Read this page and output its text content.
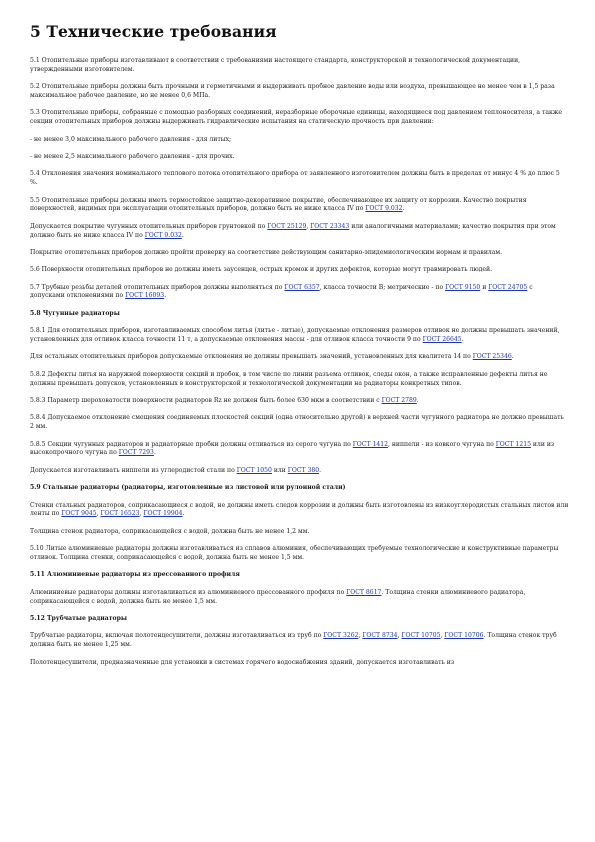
5 Технические требования
5.1 Отопительные приборы изготавливают в соответствии с требованиями настоящего стандарта, конструкторской и технологической документации, утвержденными изготовителем.
5.2 Отопительные приборы должны быть прочными и герметичными и выдерживать пробное давление воды или воздуха, превышающее не менее чем в 1,5 раза максимальное рабочее давление, но не менее 0,6 МПа.
5.3 Отопительные приборы, собранные с помощью разборных соединений, неразборные оборочные единицы, находящиеся под давлением теплоносителя, а также секции отопительных приборов должны выдерживать гидравлические испытания на статическую прочность при давлении:
- не менее 3,0 максимального рабочего давления - для литых;
- не менее 2,5 максимального рабочего давления - для прочих.
5.4 Отклонения значения номинального теплового потока отопительного прибора от заявленного изготовителем должны быть в пределах от минус 4 % до плюс 5 %.
5.5 Отопительные приборы должны иметь термостойкое защитно-декоративное покрытие, обеспечивающее их защиту от коррозии. Качество покрытия поверхностей, видимых при эксплуатации отопительных приборов, должно быть не ниже класса IV по ГОСТ 9.032.
Допускается покрытие чугунных отопительных приборов грунтовкой по ГОСТ 25129, ГОСТ 23343 или аналогичными материалами; качество покрытия при этом должно быть не ниже класса IV по ГОСТ 9.032.
Покрытие отопительных приборов должно пройти проверку на соответствие действующим санитарно-эпидемиологическим нормам и правилам.
5.6 Поверхности отопительных приборов не должны иметь заусенцев, острых кромок и других дефектов, которые могут травмировать людей.
5.7 Трубные резьбы деталей отопительных приборов должны выполняться по ГОСТ 6357, класса точности В; метрические - по ГОСТ 9150 и ГОСТ 24705 с допусками отклонениями по ГОСТ 16093.
5.8 Чугунные радиаторы
5.8.1 Для отопительных приборов, изготавливаемых способом литья (литье - литые), допускаемые отклонения размеров отливок не должны превышать значений, установленных для отливок класса точности 11 т, а допускаемые отклонения массы - для отливок класса точности 9 по ГОСТ 26645.
Для остальных отопительных приборов допускаемые отклонения не должны превышать значений, установленных для квалитета 14 по ГОСТ 25346.
5.8.2 Дефекты литья на наружной поверхности секций и пробок, в том числе по линии разъема отливок, следы окон, а также исправленные дефекты литья не должны превышать допусков, установленных в конструкторской и технологической документации на радиаторы конкретных типов.
5.8.3 Параметр шероховатости поверхности радиаторов Rz не должен быть более 630 мкм в соответствии с ГОСТ 2789.
5.8.4 Допускаемое отклонение смещения соединяемых плоскостей секций (одна относительно другой) в верхней части чугунного радиатора не должно превышать 2 мм.
5.8.5 Секции чугунных радиаторов и радиаторные пробки должны отливаться из серого чугуна по ГОСТ 1412, ниппели - из ковкого чугуна по ГОСТ 1215 или из высокопрочного чугуна по ГОСТ 7293.
Допускается изготавливать ниппели из углеродистой стали по ГОСТ 1050 или ГОСТ 380.
5.9 Стальные радиаторы (радиаторы, изготовленные из листовой или рулонной стали)
Стенки стальных радиаторов, соприкасающиеся с водой, не должны иметь следов коррозии и должны быть изготовлены из низкоуглеродистых стальных листов или ленты по ГОСТ 9045, ГОСТ 16523, ГОСТ 19904.
Толщина стенок радиатора, соприкасающейся с водой, должна быть не менее 1,2 мм.
5.10 Литые алюминиевые радиаторы должны изготавливаться из сплавов алюминия, обеспечивающих требуемые технологические и конструктивные параметры отливок. Толщина стенки, соприкасающейся с водой, должна быть не менее 1,5 мм.
5.11 Алюминиевые радиаторы из прессованного профиля
Алюминиевые радиаторы должны изготавливаться из алюминиевого прессованного профиля по ГОСТ 8617. Толщина стенки алюминиевого радиатора, соприкасающейся с водой, должна быть не менее 1,5 мм.
5.12 Трубчатые радиаторы
Трубчатые радиаторы, включая полотенцесушители, должны изготавливаться из труб по ГОСТ 3262, ГОСТ 8734, ГОСТ 10705, ГОСТ 10706. Толщина стенок труб должна быть не менее 1,25 мм.
Полотенцесушители, предназначенные для установки в системах горячего водоснабжения зданий, допускается изготавливать из
